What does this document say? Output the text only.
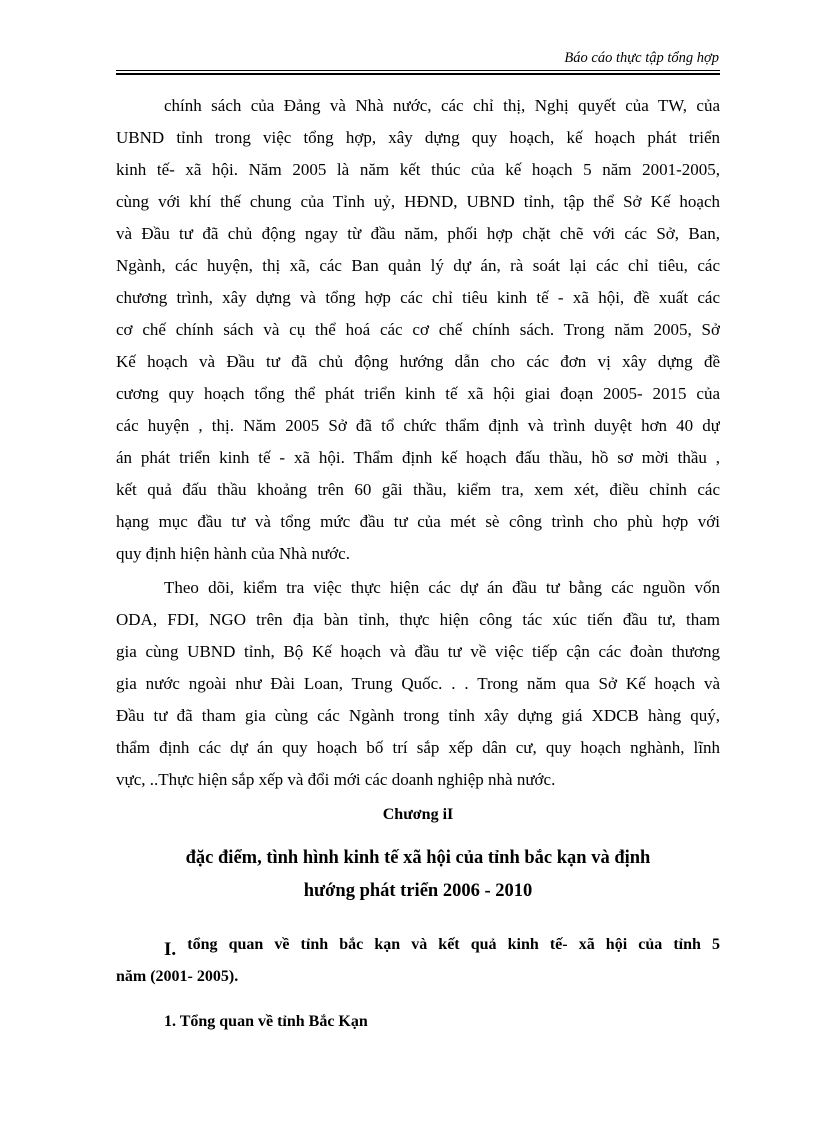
Báo cáo thực tập tổng hợp
chính sách của Đảng và Nhà nước, các chỉ thị, Nghị quyết của TW, của
UBND tỉnh trong việc tổng hợp, xây dựng quy hoạch, kế hoạch phát triển
kinh tế- xã hội. Năm 2005 là năm kết thúc của kế hoạch 5 năm 2001-2005,
cùng với khí thế chung của Tỉnh uỷ, HĐND, UBND tỉnh, tập thể Sở Kế hoạch
và Đầu tư đã chủ động ngay từ đầu năm, phối hợp chặt chẽ với các Sở, Ban,
Ngành, các huyện, thị xã, các Ban quản lý dự án, rà soát lại các chỉ tiêu, các
chương trình, xây dựng và tổng hợp các chỉ tiêu kinh tế - xã hội, đề xuất các
cơ chế chính sách và cụ thể hoá các cơ chế chính sách. Trong năm 2005, Sở
Kế hoạch và Đầu tư đã chủ động hướng dẫn cho các đơn vị xây dựng đề
cương quy hoạch tổng thể phát triển kinh tế xã hội giai đoạn 2005- 2015 của
các huyện , thị. Năm 2005 Sở đã tổ chức thẩm định và trình duyệt hơn 40 dự
án phát triển kinh tế - xã hội. Thẩm định kế hoạch đấu thầu, hồ sơ mời thầu ,
kết quả đấu thầu khoảng trên 60 gãi thầu, kiểm tra, xem xét, điều chỉnh các
hạng mục đầu tư và tổng mức đầu tư của mét sè công trình cho phù hợp với
quy định hiện hành của Nhà nước.
Theo dõi, kiểm tra việc thực hiện các dự án đầu tư bằng các nguồn vốn
ODA, FDI, NGO trên địa bàn tỉnh, thực hiện công tác xúc tiến đầu tư, tham
gia cùng UBND tỉnh, Bộ Kế hoạch và đầu tư về việc tiếp cận các đoàn thương
gia nước ngoài như Đài Loan, Trung Quốc. . . Trong năm qua Sở Kế hoạch và
Đầu tư đã tham gia cùng các Ngành trong tỉnh xây dựng giá XDCB hàng quý,
thẩm định các dự án quy hoạch bố trí sắp xếp dân cư, quy hoạch nghành, lĩnh
vực, ..Thực hiện sắp xếp và đổi mới các doanh nghiệp nhà nước.
Chương iI
đặc điểm, tình hình kinh tế xã hội của tỉnh bắc kạn và định
hướng phát triển 2006 - 2010
I. tổng quan về tỉnh bắc kạn và kết quả kinh tế- xã hội của tỉnh 5
năm (2001- 2005).
1. Tổng quan về tỉnh Bắc Kạn
